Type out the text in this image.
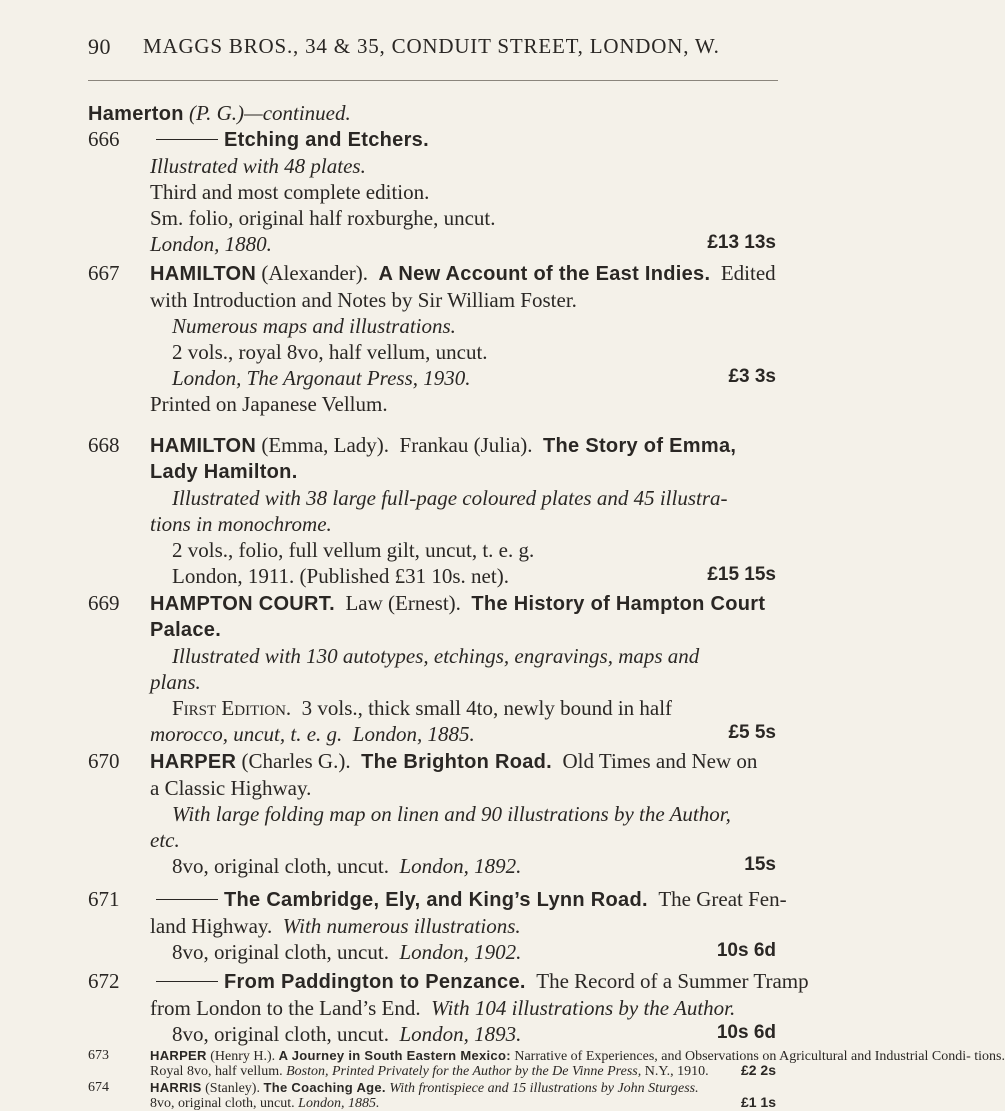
90 MAGGS BROS., 34 & 35, CONDUIT STREET, LONDON, W.
Hamerton (P. G.)—continued.
666	Etching and Etchers.
Illustrated with 48 plates.
Third and most complete edition.
Sm. folio, original half roxburghe, uncut.
London, 1880.	£13 13s
667 HAMILTON (Alexander). A New Account of the East Indies. Edited
with Introduction and Notes by Sir William Foster.
Numerous maps and illustrations.
2 vols., royal 8vo, half vellum, uncut.
London, The Argonaut Press, 1930.
Printed on Japanese Vellum.
£3 3s
668 HAMILTON (Emma, Lady). Frankau (Julia). The Story of Emma,
Lady Hamilton.
Illustrated with 38 large full-page coloured plates and 45 illustra-
tions in monochrome.
2 vols., folio, full vellum gilt, uncut, t. e. g.
London, 1911. (Published £31 10s. net).	£15 15s
669 HAMPTON COURT. Law (Ernest). The History of Hampton Court
Palace.
Illustrated with 130 autotypes, etchings, engravings, maps and
plans.
First Edition. 3 vols., thick small 4to, newly bound in half
morocco, uncut, t. e. g. London, 1885.	£5 5s
670 HARPER (Charles G.). The Brighton Road. Old Times and New on
a Classic Highway.
With large folding map on linen and 90 illustrations by the Author,
etc.
8vo, original cloth, uncut. London, 1892.	15s
671	The Cambridge, Ely, and King’s Lynn Road. The Great Fen-
land Highway. With numerous illustrations.
8vo, original cloth, uncut. London, 1902.	10s 6d
672	From Paddington to Penzance. The Record of a Summer Tramp
from London to the Land’s End. With 104 illustrations by the Author.
8vo, original cloth, uncut. London, 1893.	10s 6d
673	HARPER (Henry H.). A Journey in South Eastern Mexico: Narrative of Experiences, and Observations on Agricultural and Industrial Condi- tions.
Royal 8vo, half vellum. Boston, Printed Privately for the Author by the De Vinne Press, N.Y., 1910. £2 2s
674	HARRIS (Stanley). The Coaching Age. With frontispiece and 15 illustrations by John Sturgess.
8vo, original cloth, uncut. London, 1885.	£1 1s
